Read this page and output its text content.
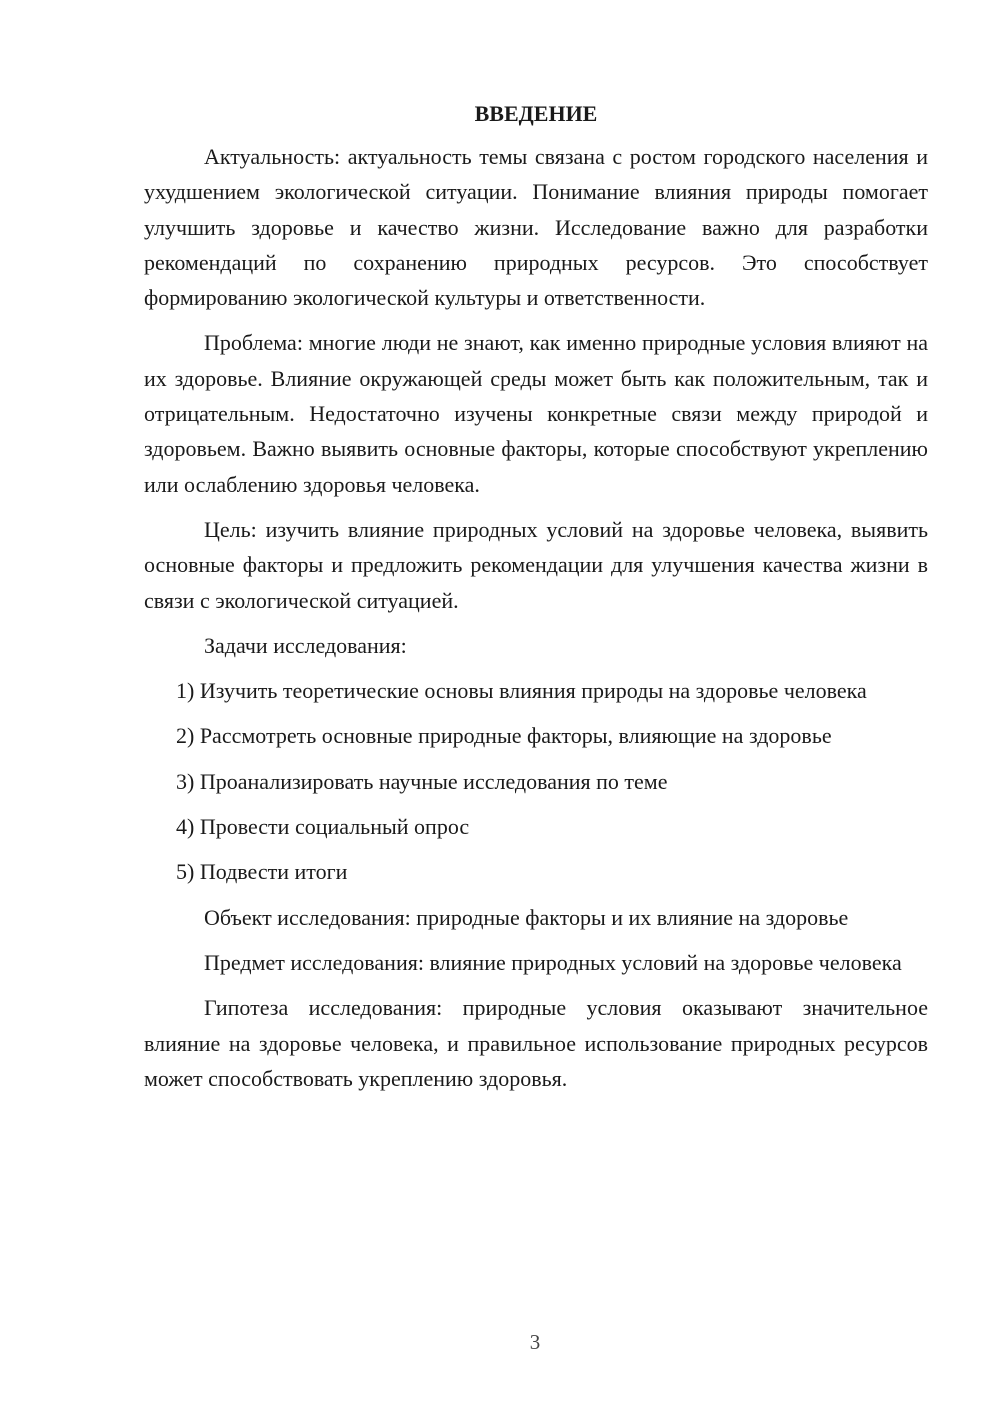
ВВЕДЕНИЕ

Актуальность: актуальность темы связана с ростом городского населения и ухудшением экологической ситуации. Понимание влияния природы помогает улучшить здоровье и качество жизни. Исследование важно для разработки рекомендаций по сохранению природных ресурсов. Это способствует формированию экологической культуры и ответственности.

Проблема: многие люди не знают, как именно природные условия влияют на их здоровье. Влияние окружающей среды может быть как положительным, так и отрицательным. Недостаточно изучены конкретные связи между природой и здоровьем. Важно выявить основные факторы, которые способствуют укреплению или ослаблению здоровья человека.

Цель: изучить влияние природных условий на здоровье человека, выявить основные факторы и предложить рекомендации для улучшения качества жизни в связи с экологической ситуацией.

Задачи исследования:

1) Изучить теоретические основы влияния природы на здоровье человека
2) Рассмотреть основные природные факторы, влияющие на здоровье
3) Проанализировать научные исследования по теме
4) Провести социальный опрос
5) Подвести итоги

Объект исследования: природные факторы и их влияние на здоровье

Предмет исследования: влияние природных условий на здоровье человека

Гипотеза исследования: природные условия оказывают значительное влияние на здоровье человека, и правильное использование природных ресурсов может способствовать укреплению здоровья.

3
